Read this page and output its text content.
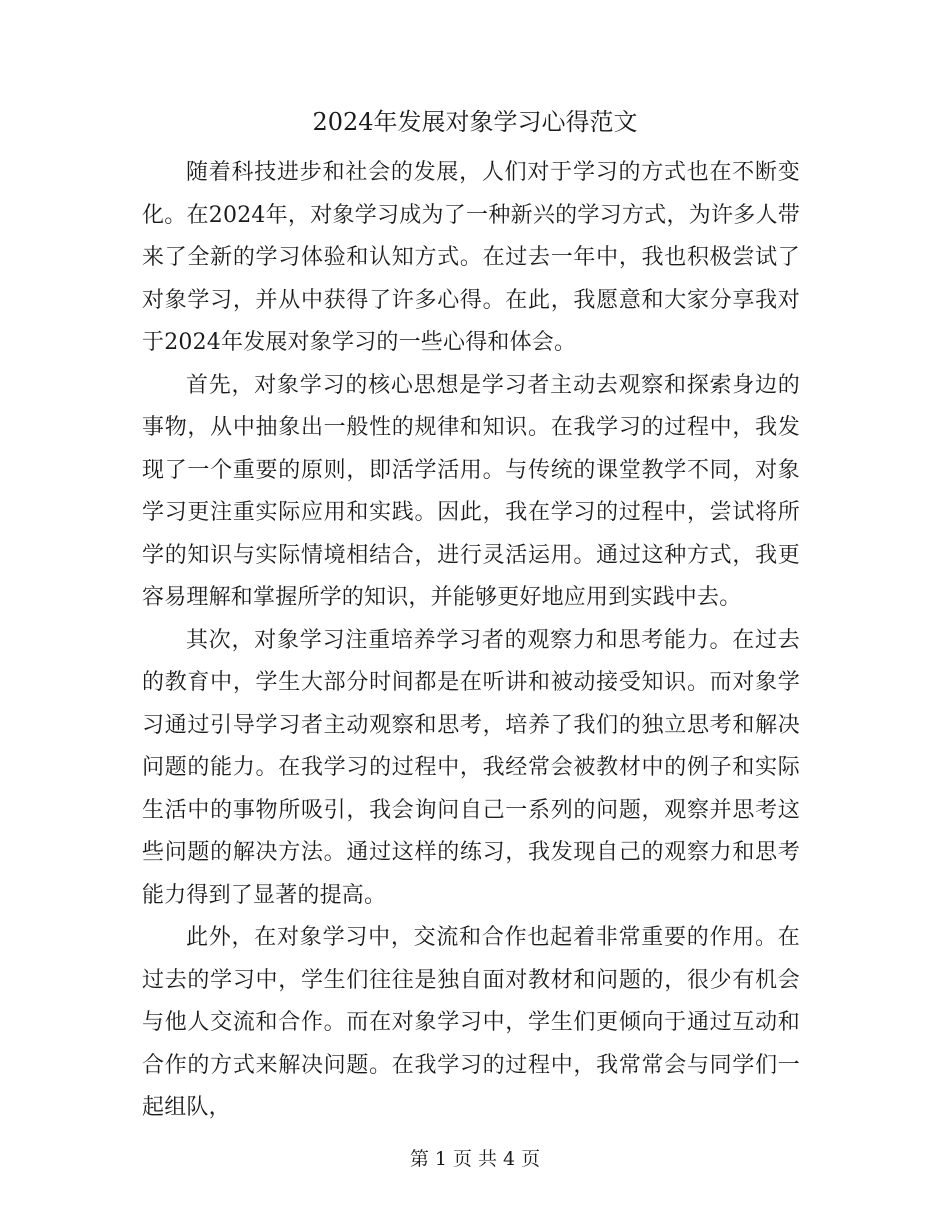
2024年发展对象学习心得范文

随着科技进步和社会的发展，人们对于学习的方式也在不断变化。在2024年，对象学习成为了一种新兴的学习方式，为许多人带来了全新的学习体验和认知方式。在过去一年中，我也积极尝试了对象学习，并从中获得了许多心得。在此，我愿意和大家分享我对于2024年发展对象学习的一些心得和体会。

首先，对象学习的核心思想是学习者主动去观察和探索身边的事物，从中抽象出一般性的规律和知识。在我学习的过程中，我发现了一个重要的原则，即活学活用。与传统的课堂教学不同，对象学习更注重实际应用和实践。因此，我在学习的过程中，尝试将所学的知识与实际情境相结合，进行灵活运用。通过这种方式，我更容易理解和掌握所学的知识，并能够更好地应用到实践中去。

其次，对象学习注重培养学习者的观察力和思考能力。在过去的教育中，学生大部分时间都是在听讲和被动接受知识。而对象学习通过引导学习者主动观察和思考，培养了我们的独立思考和解决问题的能力。在我学习的过程中，我经常会被教材中的例子和实际生活中的事物所吸引，我会询问自己一系列的问题，观察并思考这些问题的解决方法。通过这样的练习，我发现自己的观察力和思考能力得到了显著的提高。

此外，在对象学习中，交流和合作也起着非常重要的作用。在过去的学习中，学生们往往是独自面对教材和问题的，很少有机会与他人交流和合作。而在对象学习中，学生们更倾向于通过互动和合作的方式来解决问题。在我学习的过程中，我常常会与同学们一起组队，

第 1 页 共 4 页
